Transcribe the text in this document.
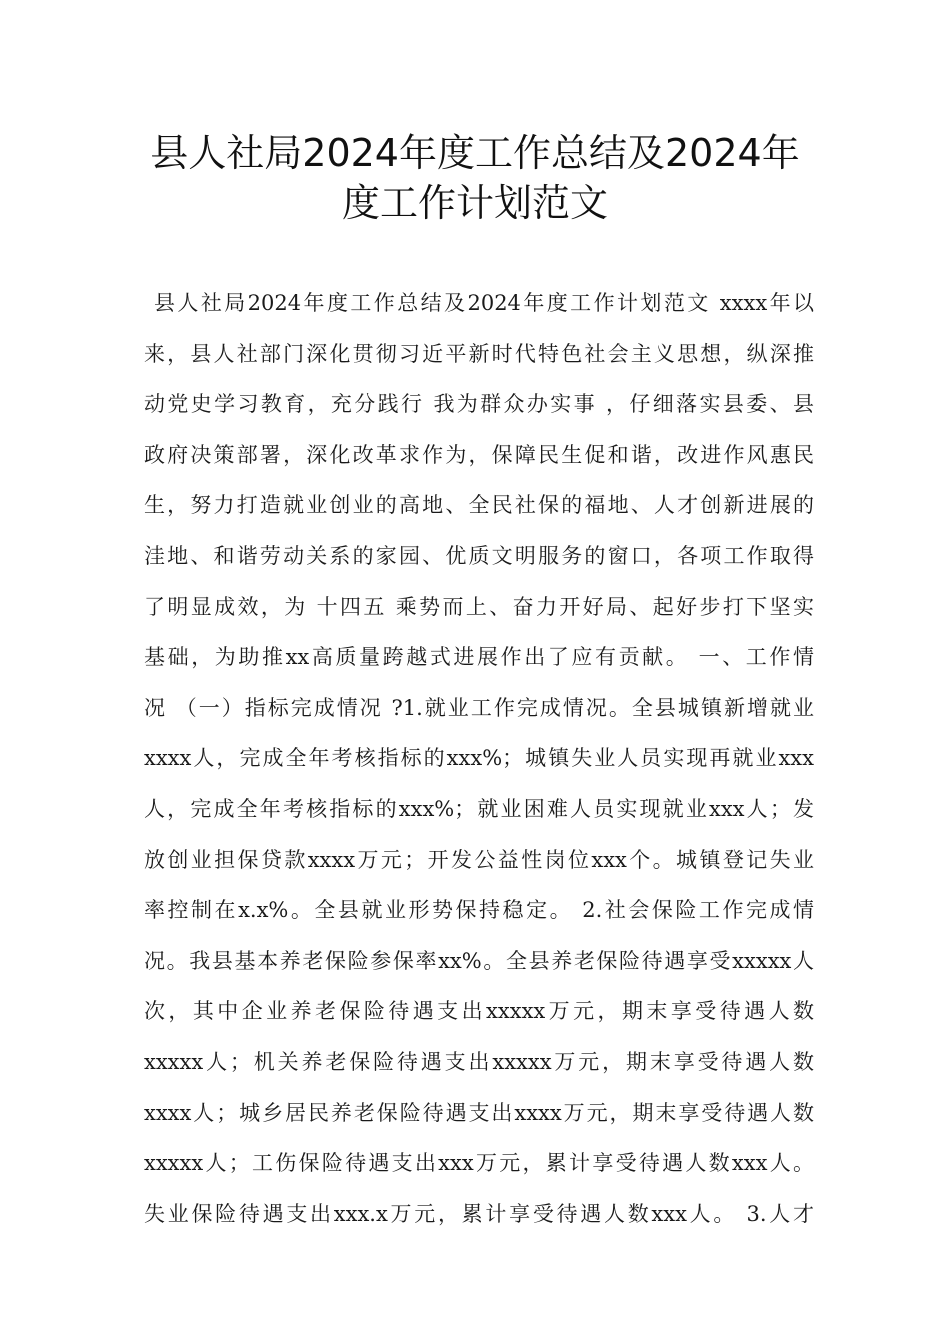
县人社局2024年度工作总结及2024年
度工作计划范文
县人社局2024年度工作总结及2024年度工作计划范文 xxxx年以
来，县人社部门深化贯彻习近平新时代特色社会主义思想，纵深推
动党史学习教育，充分践行 我为群众办实事 ，仔细落实县委、县
政府决策部署，深化改革求作为，保障民生促和谐，改进作风惠民
生，努力打造就业创业的高地、全民社保的福地、人才创新进展的
洼地、和谐劳动关系的家园、优质文明服务的窗口，各项工作取得
了明显成效，为 十四五 乘势而上、奋力开好局、起好步打下坚实
基础，为助推xx高质量跨越式进展作出了应有贡献。 一、工作情
况 （一）指标完成情况 ?1.就业工作完成情况。全县城镇新增就业
xxxx人，完成全年考核指标的xxx%；城镇失业人员实现再就业xxx
人，完成全年考核指标的xxx%；就业困难人员实现就业xxx人；发
放创业担保贷款xxxx万元；开发公益性岗位xxx个。城镇登记失业
率控制在x.x%。全县就业形势保持稳定。 2.社会保险工作完成情
况。我县基本养老保险参保率xx%。全县养老保险待遇享受xxxxx人
次，其中企业养老保险待遇支出xxxxx万元，期末享受待遇人数
xxxxx人；机关养老保险待遇支出xxxxx万元，期末享受待遇人数
xxxx人；城乡居民养老保险待遇支出xxxx万元，期末享受待遇人数
xxxxx人；工伤保险待遇支出xxx万元，累计享受待遇人数xxx人。
失业保险待遇支出xxx.x万元，累计享受待遇人数xxx人。 3.人才
